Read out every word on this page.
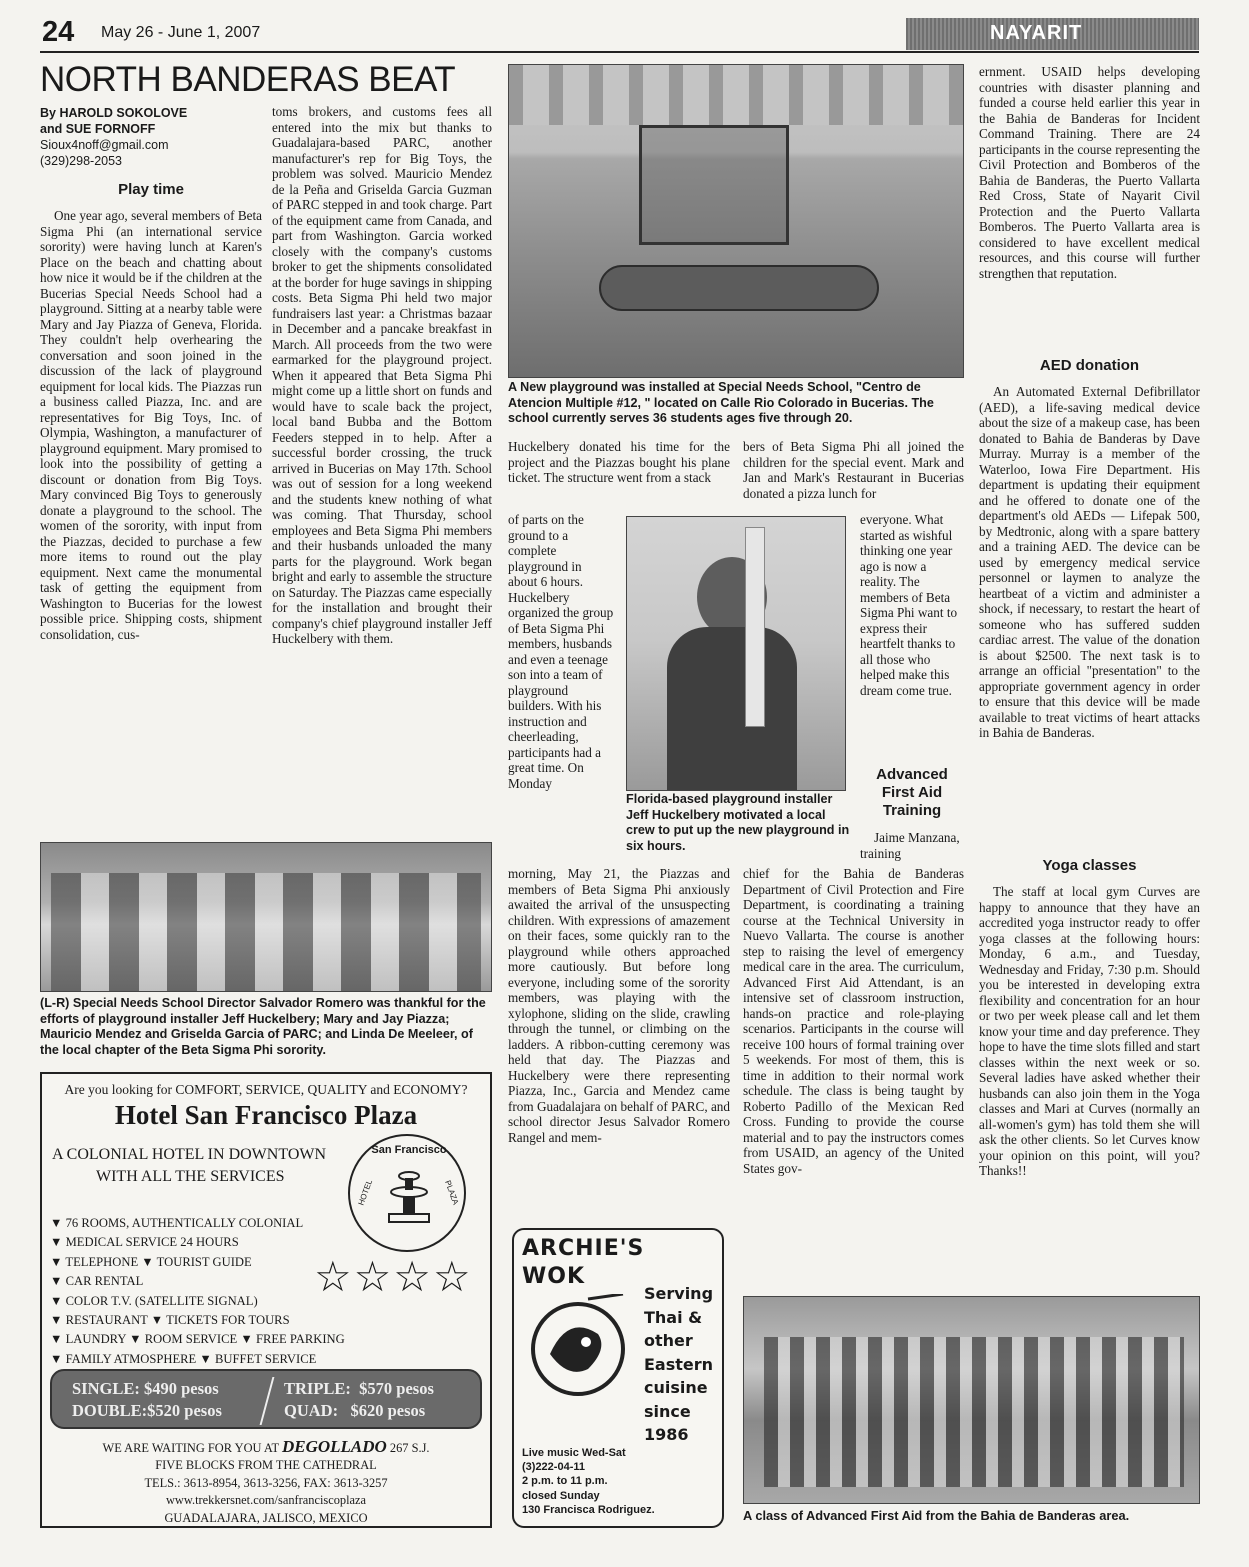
24 May 26 - June 1, 2007	NAYARIT
NORTH BANDERAS BEAT
By HAROLD SOKOLOVE
and SUE FORNOFF
Sioux4noff@gmail.com
(329)298-2053
Play time

One year ago, several members of Beta Sigma Phi (an international service sorority) were having lunch at Karen's Place on the beach and chatting about how nice it would be if the children at the Bucerias Special Needs School had a playground. Sitting at a nearby table were Mary and Jay Piazza of Geneva, Florida. They couldn't help overhearing the conversation and soon joined in the discussion of the lack of playground equipment for local kids. The Piazzas run a business called Piazza, Inc. and are representatives for Big Toys, Inc. of Olympia, Washington, a manufacturer of playground equipment. Mary promised to look into the possibility of getting a discount or donation from Big Toys. Mary convinced Big Toys to generously donate a playground to the school. The women of the sorority, with input from the Piazzas, decided to purchase a few more items to round out the play equipment. Next came the monumental task of getting the equipment from Washington to Bucerias for the lowest possible price. Shipping costs, shipment consolidation, cus-

toms brokers, and customs fees all entered into the mix but thanks to Guadalajara-based PARC, another manufacturer's rep for Big Toys, the problem was solved. Mauricio Mendez de la Peña and Griselda Garcia Guzman of PARC stepped in and took charge. Part of the equipment came from Canada, and part from Washington. Garcia worked closely with the company's customs broker to get the shipments consolidated at the border for huge savings in shipping costs. Beta Sigma Phi held two major fundraisers last year: a Christmas bazaar in December and a pancake breakfast in March. All proceeds from the two were earmarked for the playground project. When it appeared that Beta Sigma Phi might come up a little short on funds and would have to scale back the project, local band Bubba and the Bottom Feeders stepped in to help. After a successful border crossing, the truck arrived in Bucerias on May 17th. School was out of session for a long weekend and the students knew nothing of what was coming. That Thursday, school employees and Beta Sigma Phi members and their husbands unloaded the many parts for the playground. Work began bright and early to assemble the structure on Saturday. The Piazzas came especially for the installation and brought their company's chief playground installer Jeff Huckelbery with them.

A New playground was installed at Special Needs School, "Centro de Atencion Multiple #12, " located on Calle Rio Colorado in Bucerias. The school currently serves 36 students ages five through 20.

Huckelbery donated his time for the project and the Piazzas bought his plane ticket. The structure went from a stack

of parts on the ground to a complete playground in about 6 hours. Huckelbery organized the group of Beta Sigma Phi members, husbands and even a teenage son into a team of playground builders. With his instruction and cheerleading, participants had a great time. On Monday

morning, May 21, the Piazzas and members of Beta Sigma Phi anxiously awaited the arrival of the unsuspecting children. With expressions of amazement on their faces, some quickly ran to the playground while others approached more cautiously. But before long everyone, including some of the sorority members, was playing with the xylophone, sliding on the slide, crawling through the tunnel, or climbing on the ladders. A ribbon-cutting ceremony was held that day. The Piazzas and Huckelbery were there representing Piazza, Inc., Garcia and Mendez came from Guadalajara on behalf of PARC, and school director Jesus Salvador Romero Rangel and mem-

Florida-based playground installer Jeff Huckelbery motivated a local crew to put up the new playground in six hours.

bers of Beta Sigma Phi all joined the children for the special event. Mark and Jan and Mark's Restaurant in Bucerias donated a pizza lunch for

everyone. What started as wishful thinking one year ago is now a reality. The members of Beta Sigma Phi want to express their heartfelt thanks to all those who helped make this dream come true.

Advanced First Aid Training

Jaime Manzana, training

chief for the Bahia de Banderas Department of Civil Protection and Fire Department, is coordinating a training course at the Technical University in Nuevo Vallarta. The course is another step to raising the level of emergency medical care in the area. The curriculum, Advanced First Aid Attendant, is an intensive set of classroom instruction, hands-on practice and role-playing scenarios. Participants in the course will receive 100 hours of formal training over 5 weekends. For most of them, this is time in addition to their normal work schedule. The class is being taught by Roberto Padillo of the Mexican Red Cross. Funding to provide the course material and to pay the instructors comes from USAID, an agency of the United States gov-

ernment. USAID helps developing countries with disaster planning and funded a course held earlier this year in the Bahia de Banderas for Incident Command Training. There are 24 participants in the course representing the Civil Protection and Bomberos of the Bahia de Banderas, the Puerto Vallarta Red Cross, State of Nayarit Civil Protection and the Puerto Vallarta Bomberos. The Puerto Vallarta area is considered to have excellent medical resources, and this course will further strengthen that reputation.

AED donation

An Automated External Defibrillator (AED), a life-saving medical device about the size of a makeup case, has been donated to Bahia de Banderas by Dave Murray. Murray is a member of the Waterloo, Iowa Fire Department. His department is updating their equipment and he offered to donate one of the department's old AEDs — Lifepak 500, by Medtronic, along with a spare battery and a training AED. The device can be used by emergency medical service personnel or laymen to analyze the heartbeat of a victim and administer a shock, if necessary, to restart the heart of someone who has suffered sudden cardiac arrest. The value of the donation is about $2500. The next task is to arrange an official "presentation" to the appropriate government agency in order to ensure that this device will be made available to treat victims of heart attacks in Bahia de Banderas.

Yoga classes

The staff at local gym Curves are happy to announce that they have an accredited yoga instructor ready to offer yoga classes at the following hours: Monday, 6 a.m., and Tuesday, Wednesday and Friday, 7:30 p.m. Should you be interested in developing extra flexibility and concentration for an hour or two per week please call and let them know your time and day preference. They hope to have the time slots filled and start classes within the next week or so. Several ladies have asked whether their husbands can also join them in the Yoga classes and Mari at Curves (normally an all-women's gym) has told them she will ask the other clients. So let Curves know your opinion on this point, will you? Thanks!!

(L-R) Special Needs School Director Salvador Romero was thankful for the efforts of playground installer Jeff Huckelbery; Mary and Jay Piazza; Mauricio Mendez and Griselda Garcia of PARC; and Linda De Meeleer, of the local chapter of the Beta Sigma Phi sorority.
Are you looking for COMFORT, SERVICE, QUALITY and ECONOMY?
Hotel San Francisco Plaza
A COLONIAL HOTEL IN DOWNTOWN
WITH ALL THE SERVICES
San Francisco
HOTEL	PLAZA
▼ 76 ROOMS, AUTHENTICALLY COLONIAL
▼ MEDICAL SERVICE 24 HOURS
▼ TELEPHONE ▼ TOURIST GUIDE
▼ CAR RENTAL
▼ COLOR T.V. (SATELLITE SIGNAL)
▼ RESTAURANT ▼ TICKETS FOR TOURS
▼ LAUNDRY ▼ ROOM SERVICE ▼ FREE PARKING
▼ FAMILY ATMOSPHERE ▼ BUFFET SERVICE
☆☆☆☆
SINGLE: $490 pesos
DOUBLE:$520 pesos
TRIPLE:  $570 pesos
QUAD:   $620 pesos
WE ARE WAITING FOR YOU AT DEGOLLADO 267 S.J.
FIVE BLOCKS FROM THE CATHEDRAL
TELS.: 3613-8954, 3613-3256, FAX: 3613-3257
www.trekkersnet.com/sanfranciscoplaza
GUADALAJARA, JALISCO, MEXICO
ARCHIE'S
WOK
Serving
Thai &
other
Eastern
cuisine
since
1986
Live music Wed-Sat
(3)222-04-11
2 p.m. to 11 p.m.
closed Sunday
130 Francisca Rodriguez.	A class of Advanced First Aid from the Bahia de Banderas area.
